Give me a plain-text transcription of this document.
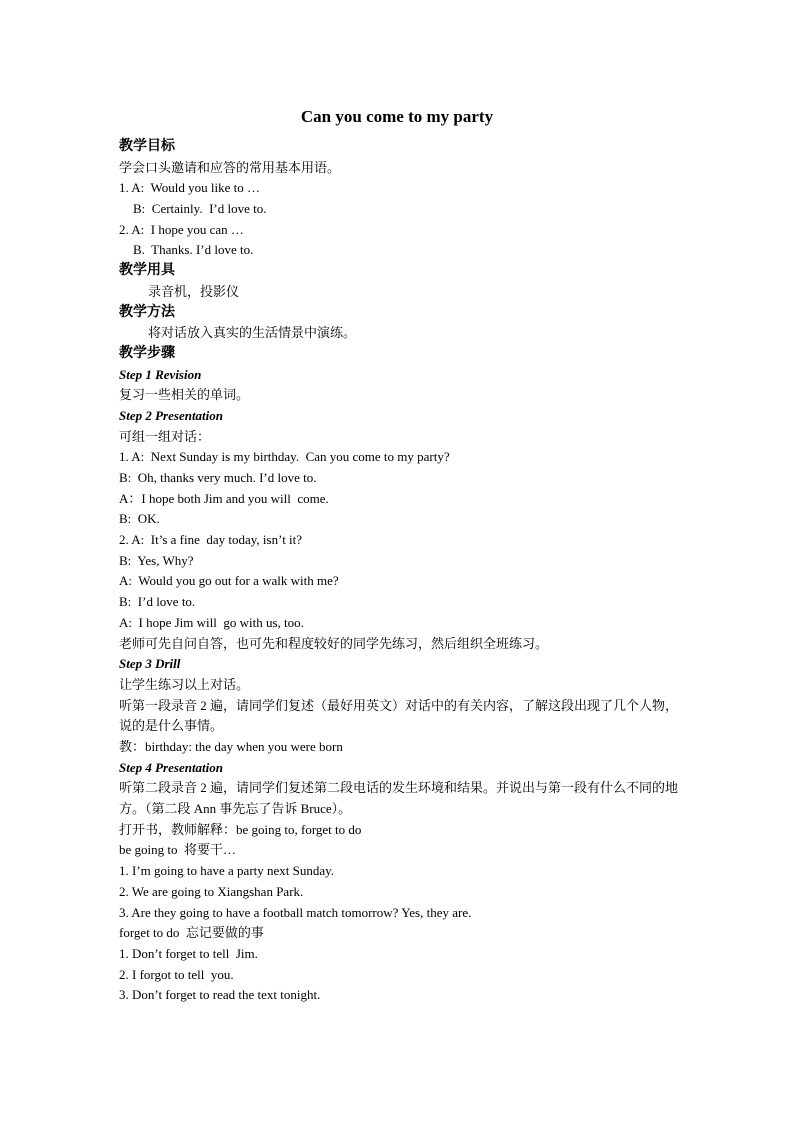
Can you come to my party
教学目标
学会口头邀请和应答的常用基本用语。
1. A:  Would you like to …
B:  Certainly.  I’d love to.
2. A:  I hope you can …
B.  Thanks. I’d love to.
教学用具
录音机，投影仪
教学方法
将对话放入真实的生活情景中演练。
教学步骤
Step 1 Revision
复习一些相关的单词。
Step 2 Presentation
可组一组对话：
1. A:  Next Sunday is my birthday.  Can you come to my party?
B:  Oh, thanks very much. I’d love to.
A：I hope both Jim and you will  come.
B:  OK.
2. A:  It’s a fine  day today, isn’t it?
B:  Yes, Why?
A:  Would you go out for a walk with me?
B:  I’d love to.
A:  I hope Jim will  go with us, too.
老师可先自问自答，也可先和程度较好的同学先练习，然后组织全班练习。
Step 3 Drill
让学生练习以上对话。
听第一段录音 2 遍，请同学们复述（最好用英文）对话中的有关内容，了解这段出现了几个人物，说的是什么事情。
教：birthday: the day when you were born
Step 4 Presentation
听第二段录音 2 遍，请同学们复述第二段电话的发生环境和结果。并说出与第一段有什么不同的地方。（第二段 Ann 事先忘了告诉 Bruce）。
打开书，教师解释：be going to, forget to do
be going to  将要干…
1. I’m going to have a party next Sunday.
2. We are going to Xiangshan Park.
3. Are they going to have a football match tomorrow? Yes, they are.
forget to do  忘记要做的事
1. Don’t forget to tell  Jim.
2. I forgot to tell  you.
3. Don’t forget to read the text tonight.
